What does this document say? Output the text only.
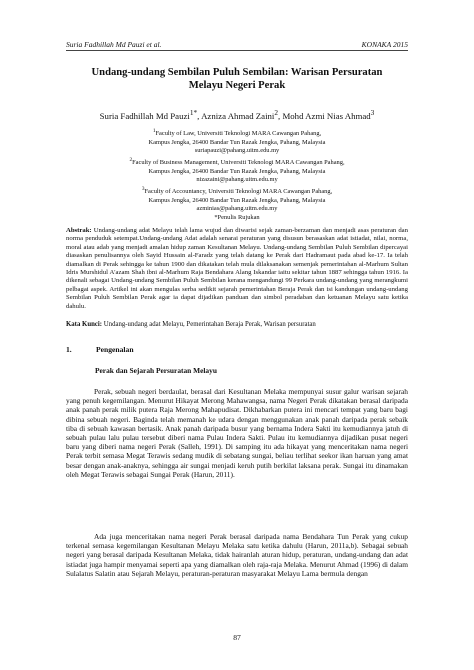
Suria Fadhillah Md Pauzi et al.	KONAKA 2015
Undang-undang Sembilan Puluh Sembilan: Warisan Persuratan
Melayu Negeri Perak
Suria Fadhillah Md Pauzi$^{1*}$, Azniza Ahmad Zaini$^2$, Mohd Azmi Nias Ahmad$^3$
$^1$Faculty of Law, Universiti Teknologi MARA Cawangan Pahang,
Kampus Jengka, 26400 Bandar Tun Razak Jengka, Pahang, Malaysia
suriapauzi@pahang.uitm.edu.my
$^2$Faculty of Business Management, Universiti Teknologi MARA Cawangan Pahang,
Kampus Jengka, 26400 Bandar Tun Razak Jengka, Pahang, Malaysia
nizazaini@pahang.uitm.edu.my
$^3$Faculty of Accountancy, Universiti Teknologi MARA Cawangan Pahang,
Kampus Jengka, 26400 Bandar Tun Razak Jengka, Pahang, Malaysia
azminias@pahang.uitm.edu.my
*Penulis Rujukan
Abstrak: Undang-undang adat Melayu telah lama wujud dan diwarisi sejak zaman-berzaman dan menjadi asas peraturan dan norma penduduk setempat.Undang-undang Adat adalah senarai peraturan yang disusun berasaskan adat istiadat, nilai, norma, moral atau adab yang menjadi amalan hidup zaman Kesultanan Melayu. Undang-undang Sembilan Puluh Sembilan dipercayai diasaskan penulisannya oleh Sayid Hussain al-Faradz yang telah datang ke Perak dari Hadramaut pada abad ke-17. Ia telah diamalkan di Perak sehingga ke tahun 1900 dan dikatakan telah mula dilaksanakan semenjak pemerintahan al-Marhum Sultan Idris Murshidul A'azam Shah ibni al-Marhum Raja Bendahara Alang Iskandar iaitu sekitar tahun 1887 sehingga tahun 1916. Ia dikenali sebagai Undang-undang Sembilan Puluh Sembilan kerana mengandungi 99 Perkara undang-undang yang merangkumi pelbagai aspek. Artikel ini akan mengulas serba sedikit sejarah pemerintahan Beraja Perak dan isi kandungan undang-undang Sembilan Puluh Sembilan Perak agar ia dapat dijadikan panduan dan simbol peradaban dan ketuanan Melayu satu ketika dahulu.
Kata Kunci: Undang-undang adat Melayu, Pemerintahan Beraja Perak, Warisan persuratan
1.	Pengenalan
Perak dan Sejarah Persuratan Melayu
Perak, sebuah negeri berdaulat, berasal dari Kesultanan Melaka mempunyai susur galur warisan sejarah yang penuh kegemilangan. Menurut Hikayat Merong Mahawangsa, nama Negeri Perak dikatakan berasal daripada anak panah perak milik putera Raja Merong Mahapudisat. Dikhabarkan putera ini mencari tempat yang baru bagi dibina sebuah negeri. Baginda telah memanah ke udara dengan menggunakan anak panah daripada perak sebaik tiba di sebuah kawasan bertasik. Anak panah daripada busur yang bernama Indera Sakti itu kemudiannya jatuh di sebuah pulau lalu pulau tersebut diberi nama Pulau Indera Sakti. Pulau itu kemudiannya dijadikan pusat negeri baru yang diberi nama negeri Perak (Salleh, 1991). Di samping itu ada hikayat yang menceritakan nama negeri Perak terbit semasa Megat Terawis sedang mudik di sebatang sungai, beliau terlihat seekor ikan haruan yang amat besar dengan anak-anaknya, sehingga air sungai menjadi keruh putih berkilat laksana perak. Sungai itu dinamakan oleh Megat Terawis sebagai Sungai Perak (Harun, 2011).
Ada juga menceritakan nama negeri Perak berasal daripada nama Bendahara Tun Perak yang cukup terkenal semasa kegemilangan Kesultanan Melayu Melaka satu ketika dahulu (Harun, 2011a,b). Sebagai sebuah negeri yang berasal daripada Kesultanan Melaka, tidak hairanlah aturan hidup, peraturan, undang-undang dan adat istiadat juga hampir menyamai seperti apa yang diamalkan oleh raja-raja Melaka. Menurut Ahmad (1996) di dalam Sulalatus Salatin atau Sejarah Melayu, peraturan-peraturan masyarakat Melayu Lama bermula dengan
87
